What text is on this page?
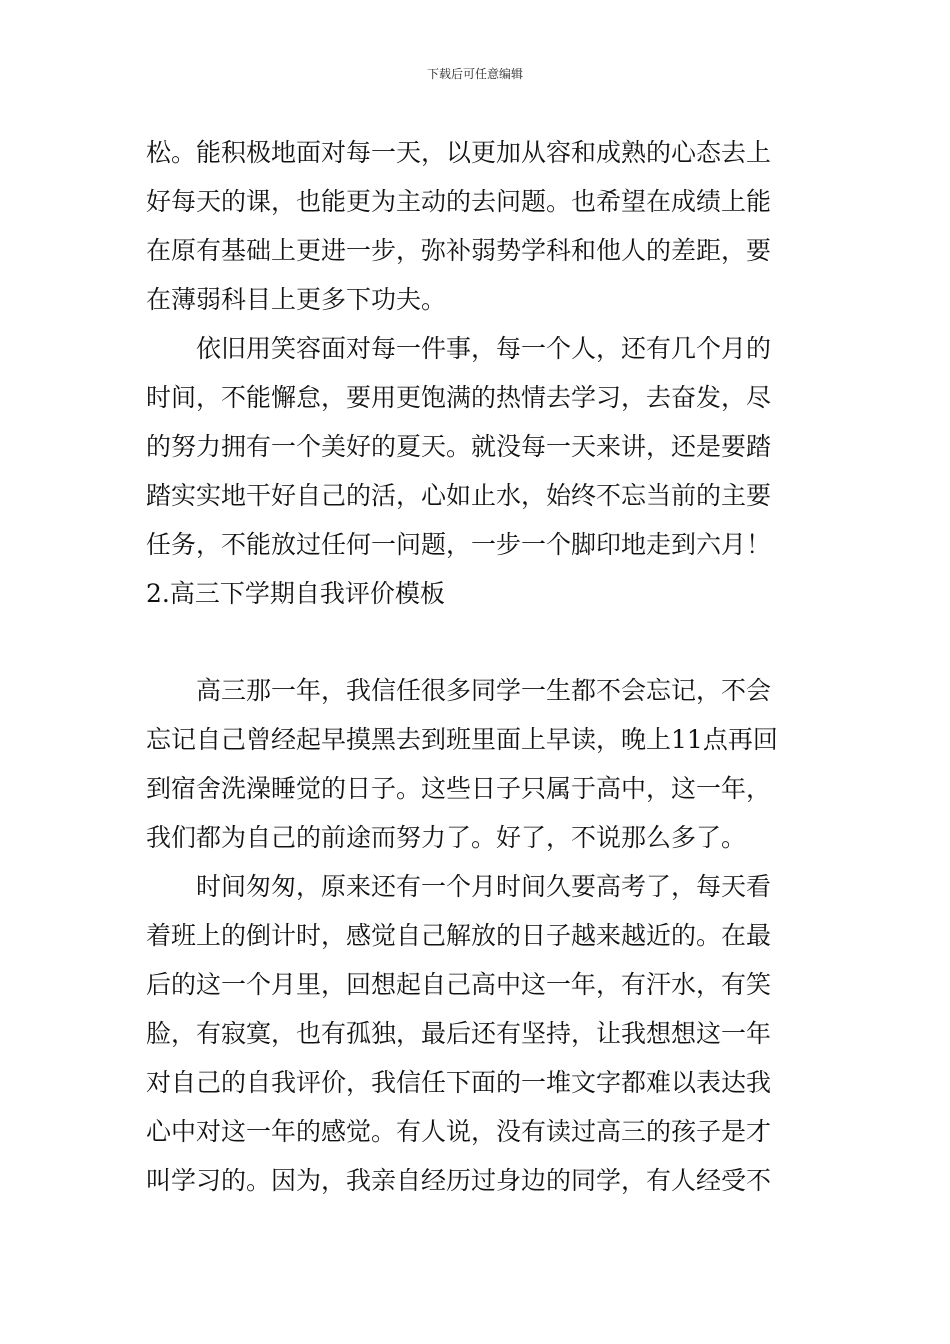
下载后可任意编辑
松。能积极地面对每一天，以更加从容和成熟的心态去上
好每天的课，也能更为主动的去问题。也希望在成绩上能
在原有基础上更进一步，弥补弱势学科和他人的差距，要
在薄弱科目上更多下功夫。
依旧用笑容面对每一件事，每一个人，还有几个月的
时间，不能懈怠，要用更饱满的热情去学习，去奋发，尽
的努力拥有一个美好的夏天。就没每一天来讲，还是要踏
踏实实地干好自己的活，心如止水，始终不忘当前的主要
任务，不能放过任何一问题，一步一个脚印地走到六月！
2.高三下学期自我评价模板
高三那一年，我信任很多同学一生都不会忘记，不会
忘记自己曾经起早摸黑去到班里面上早读，晚上11点再回
到宿舍洗澡睡觉的日子。这些日子只属于高中，这一年，
我们都为自己的前途而努力了。好了，不说那么多了。
时间匆匆，原来还有一个月时间久要高考了，每天看
着班上的倒计时，感觉自己解放的日子越来越近的。在最
后的这一个月里，回想起自己高中这一年，有汗水，有笑
脸，有寂寞，也有孤独，最后还有坚持，让我想想这一年
对自己的自我评价，我信任下面的一堆文字都难以表达我
心中对这一年的感觉。有人说，没有读过高三的孩子是才
叫学习的。因为，我亲自经历过身边的同学，有人经受不
